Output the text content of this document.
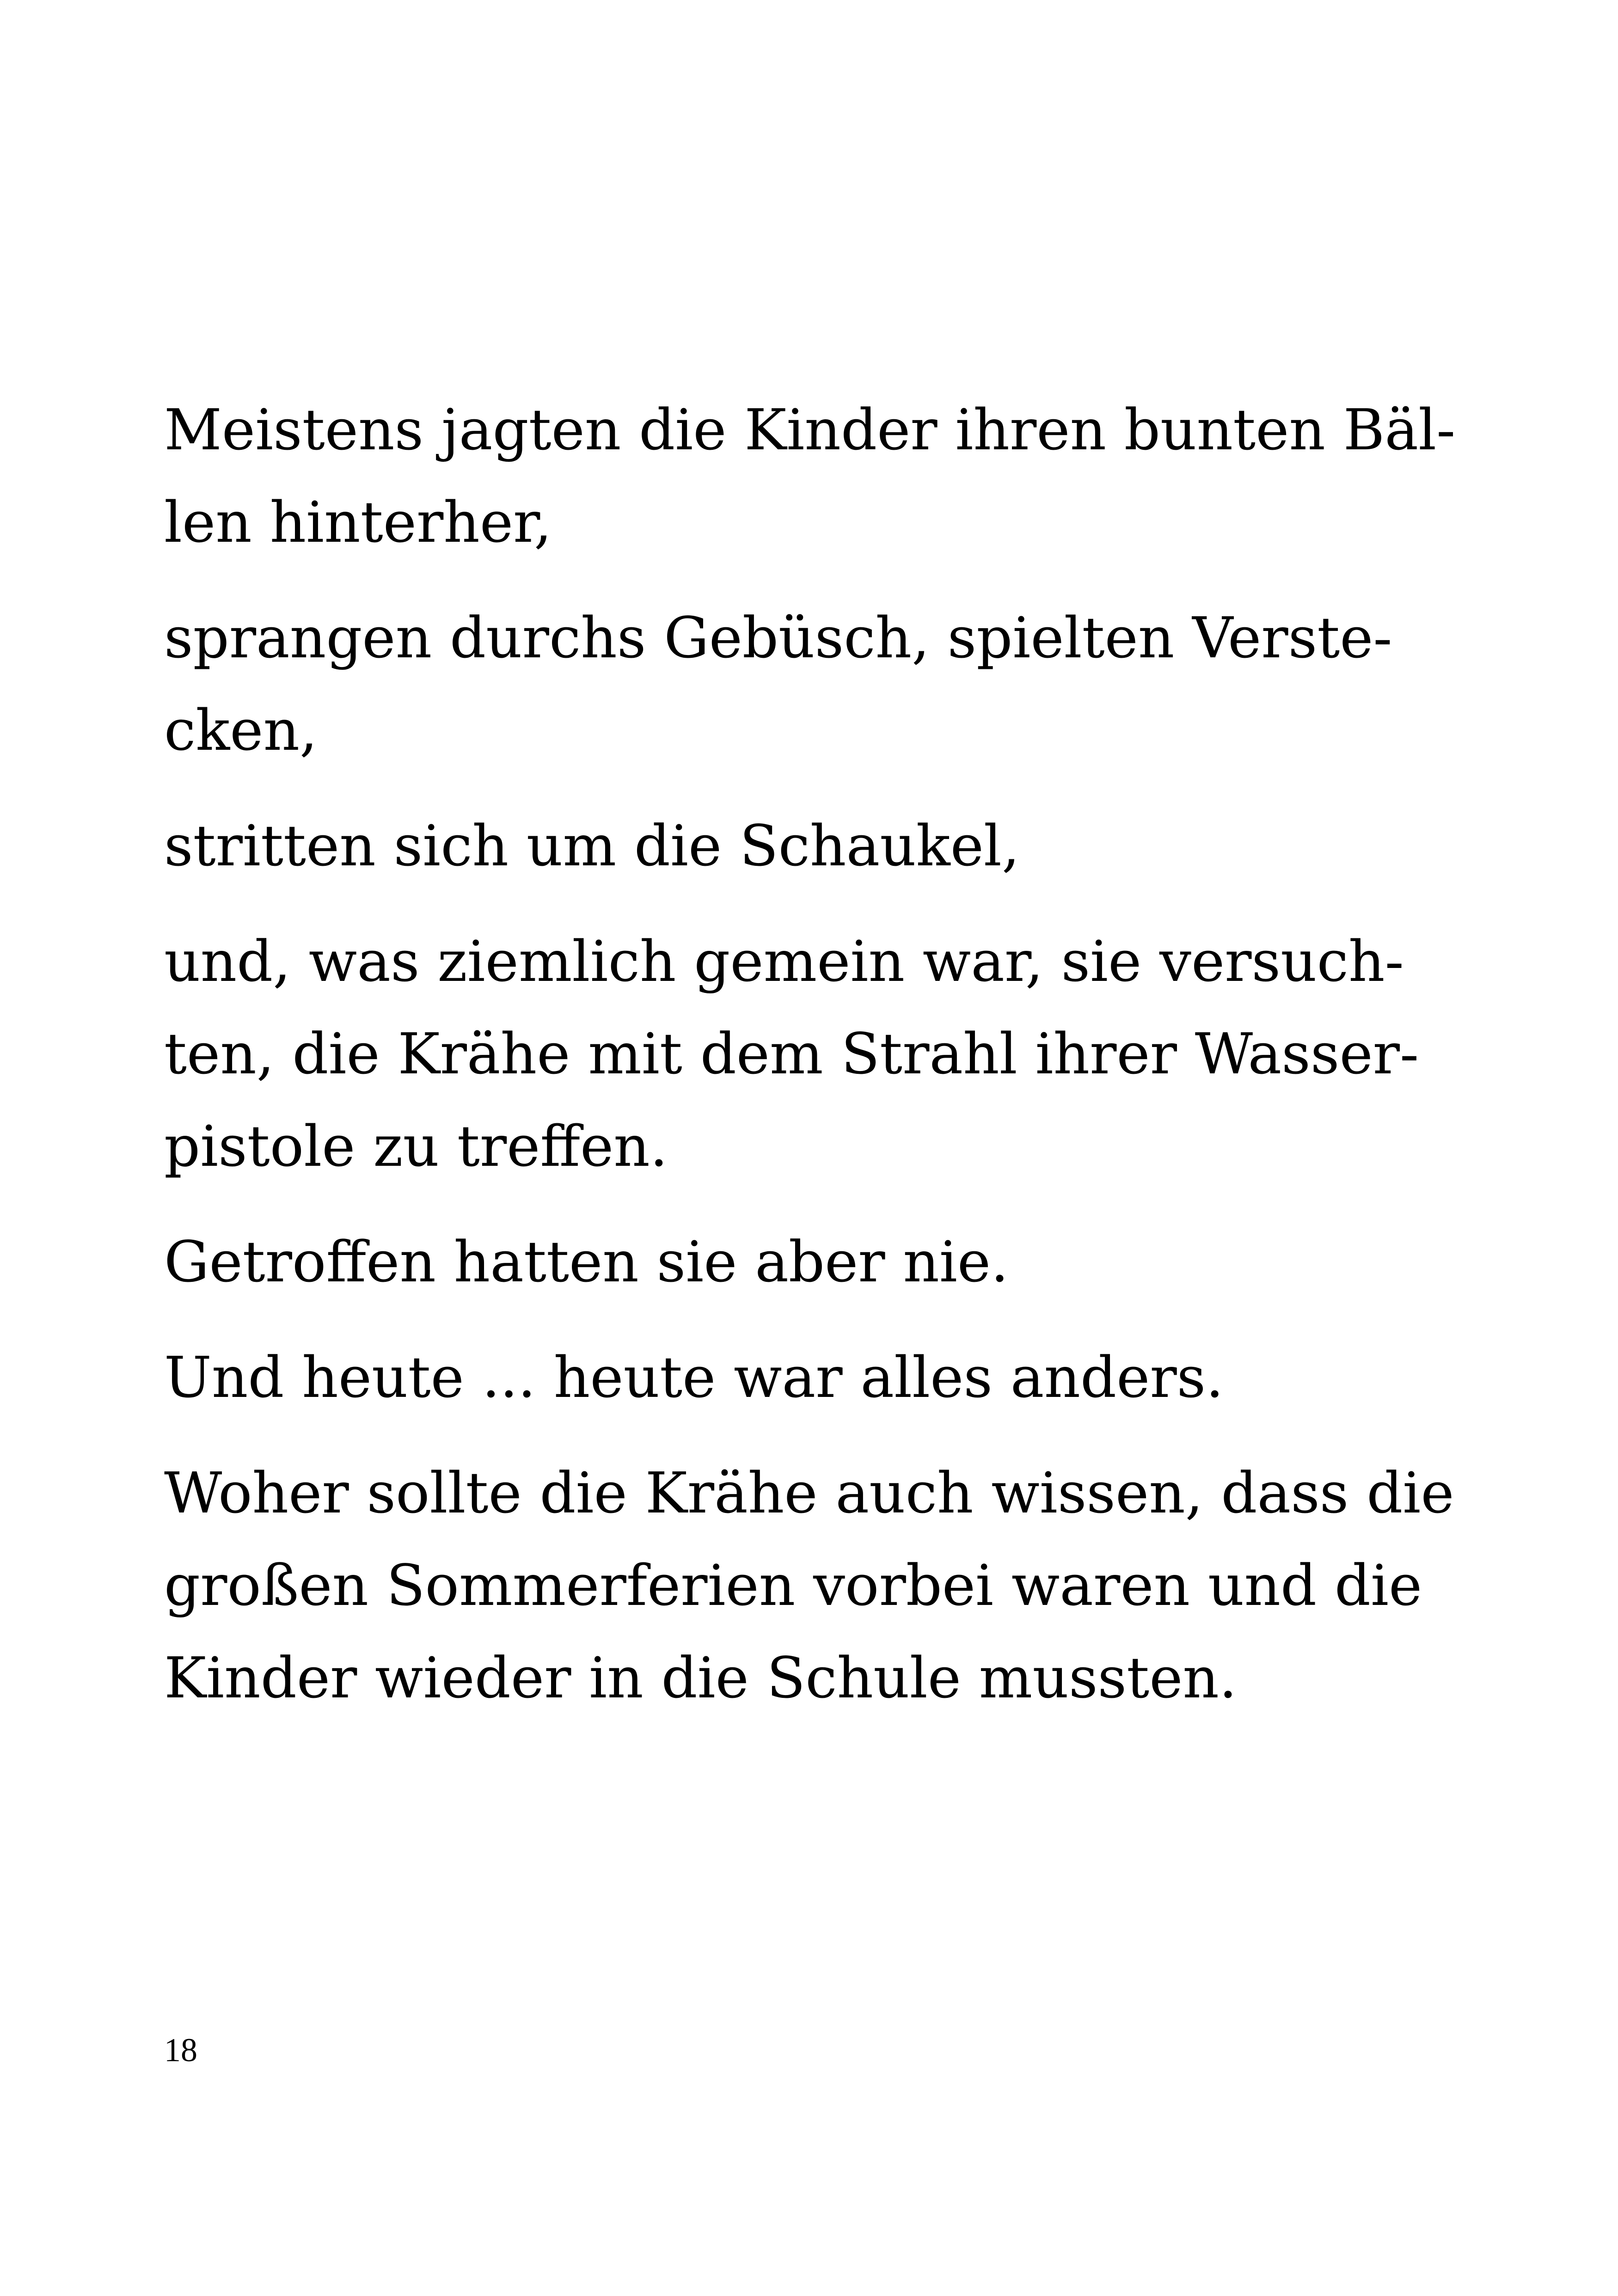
Meistens jagten die Kinder ihren bunten Bäl-
len hinterher,

sprangen durchs Gebüsch, spielten Verste-
cken,

stritten sich um die Schaukel,

und, was ziemlich gemein war, sie versuch-
ten, die Krähe mit dem Strahl ihrer Wasser-
pistole zu treffen.

Getroffen hatten sie aber nie.

Und heute ... heute war alles anders.

Woher sollte die Krähe auch wissen, dass die
großen Sommerferien vorbei waren und die
Kinder wieder in die Schule mussten.

18
